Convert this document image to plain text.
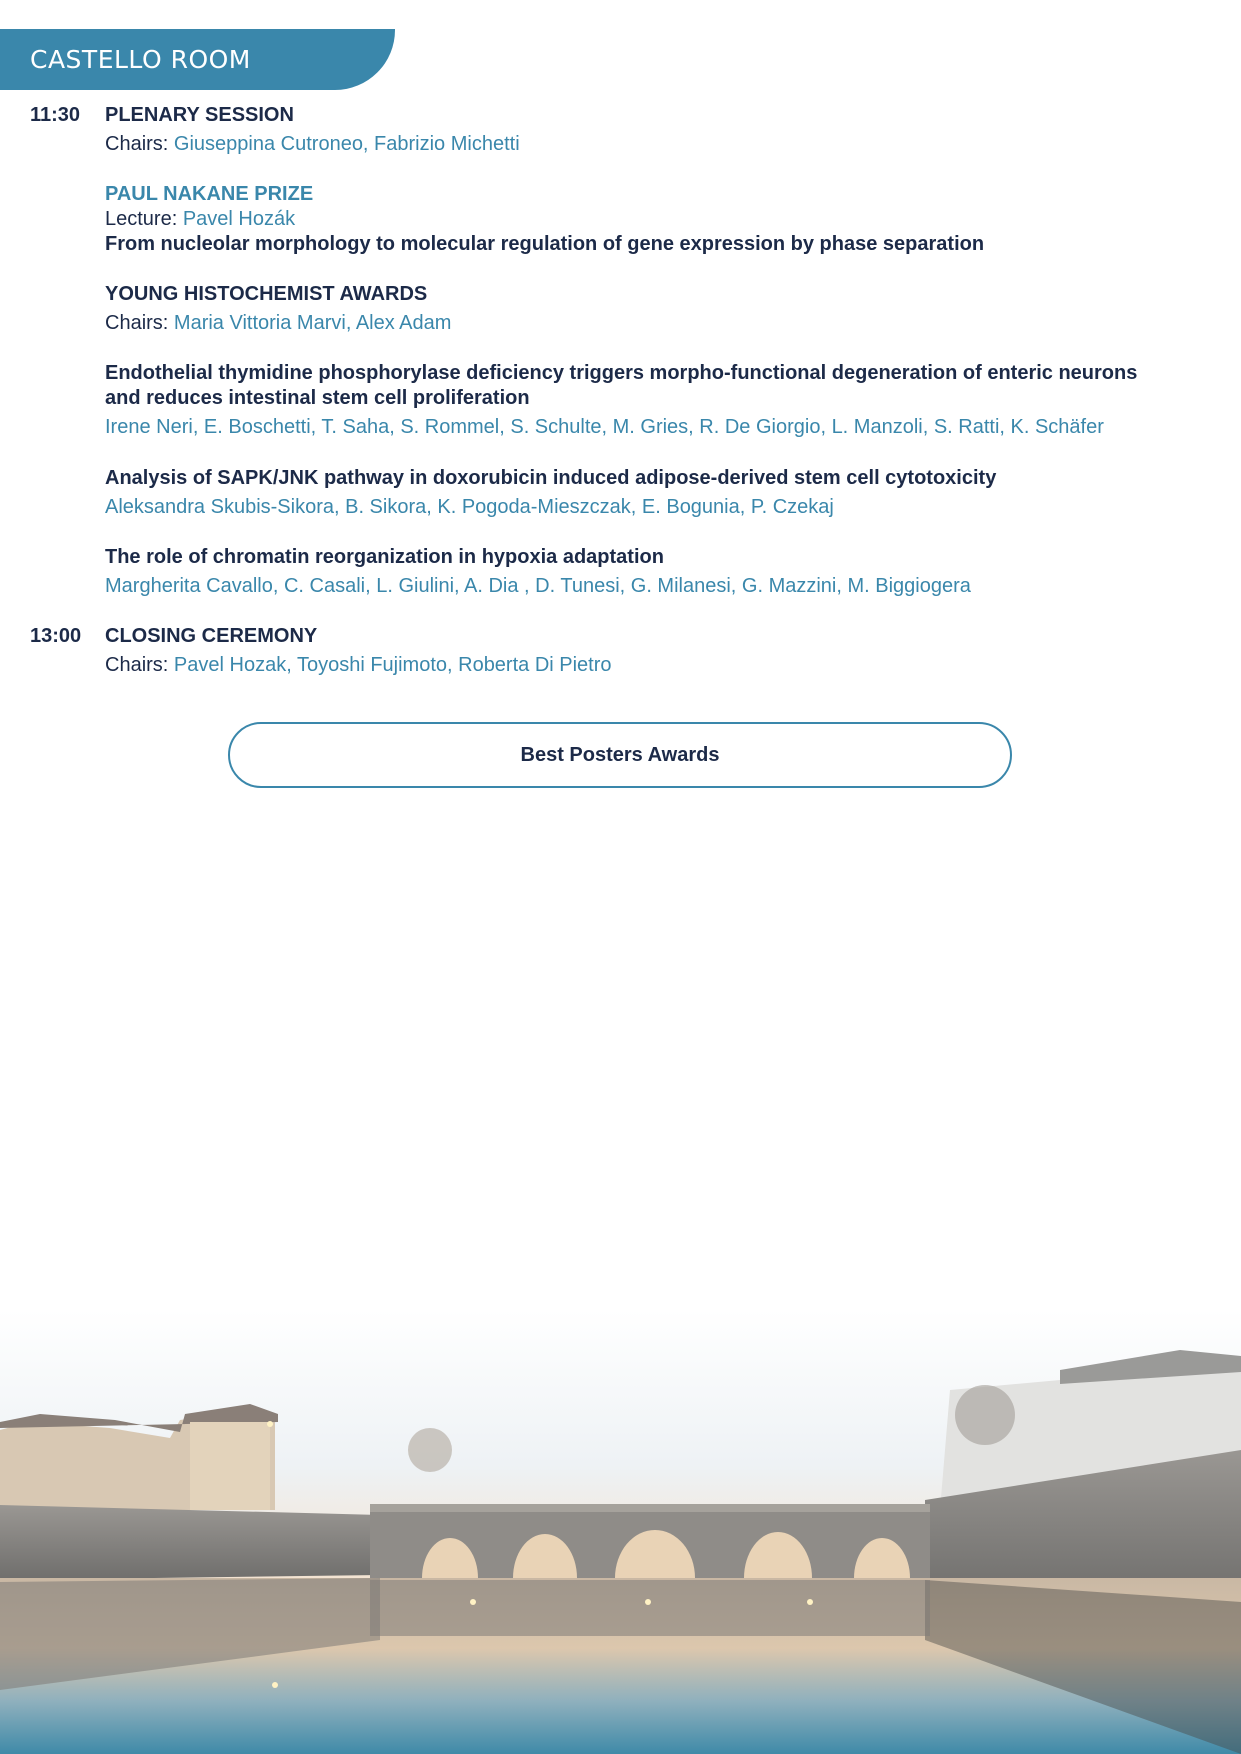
CASTELLO ROOM
11:30 PLENARY SESSION
Chairs: Giuseppina Cutroneo, Fabrizio Michetti
PAUL NAKANE PRIZE
Lecture: Pavel Hozák
From nucleolar morphology to molecular regulation of gene expression by phase separation
YOUNG HISTOCHEMIST AWARDS
Chairs: Maria Vittoria Marvi, Alex Adam
Endothelial thymidine phosphorylase deficiency triggers morpho-functional degeneration of enteric neurons
and reduces intestinal stem cell proliferation
Irene Neri, E. Boschetti, T. Saha, S. Rommel, S. Schulte, M. Gries, R. De Giorgio, L. Manzoli, S. Ratti, K. Schäfer
Analysis of SAPK/JNK pathway in doxorubicin induced adipose-derived stem cell cytotoxicity
Aleksandra Skubis-Sikora, B. Sikora, K. Pogoda-Mieszczak, E. Bogunia, P. Czekaj
The role of chromatin reorganization in hypoxia adaptation
Margherita Cavallo, C. Casali, L. Giulini, A. Dia , D. Tunesi, G. Milanesi, G. Mazzini, M. Biggiogera
13:00 CLOSING CEREMONY
Chairs: Pavel Hozak, Toyoshi Fujimoto, Roberta Di Pietro
Best Posters Awards
